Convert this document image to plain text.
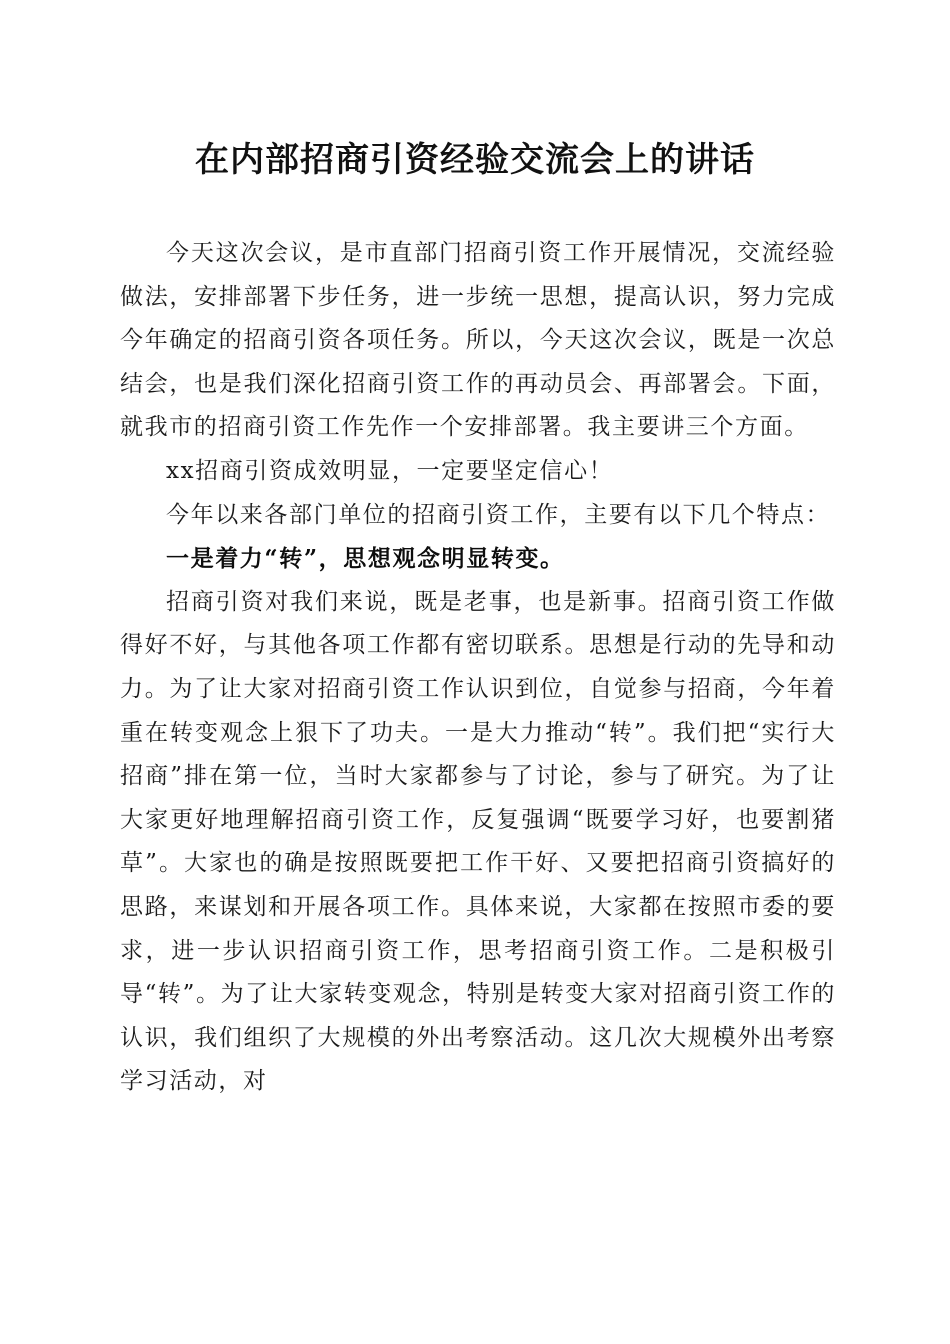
在内部招商引资经验交流会上的讲话

今天这次会议，是市直部门招商引资工作开展情况，交流经验做法，安排部署下步任务，进一步统一思想，提高认识，努力完成今年确定的招商引资各项任务。所以，今天这次会议，既是一次总结会，也是我们深化招商引资工作的再动员会、再部署会。下面，就我市的招商引资工作先作一个安排部署。我主要讲三个方面。

xx招商引资成效明显，一定要坚定信心！

今年以来各部门单位的招商引资工作，主要有以下几个特点：

一是着力“转”，思想观念明显转变。

招商引资对我们来说，既是老事，也是新事。招商引资工作做得好不好，与其他各项工作都有密切联系。思想是行动的先导和动力。为了让大家对招商引资工作认识到位，自觉参与招商，今年着重在转变观念上狠下了功夫。一是大力推动“转”。我们把“实行大招商”排在第一位，当时大家都参与了讨论，参与了研究。为了让大家更好地理解招商引资工作，反复强调“既要学习好，也要割猪草”。大家也的确是按照既要把工作干好、又要把招商引资搞好的思路，来谋划和开展各项工作。具体来说，大家都在按照市委的要求，进一步认识招商引资工作，思考招商引资工作。二是积极引导“转”。为了让大家转变观念，特别是转变大家对招商引资工作的认识，我们组织了大规模的外出考察活动。这几次大规模外出考察学习活动，对
